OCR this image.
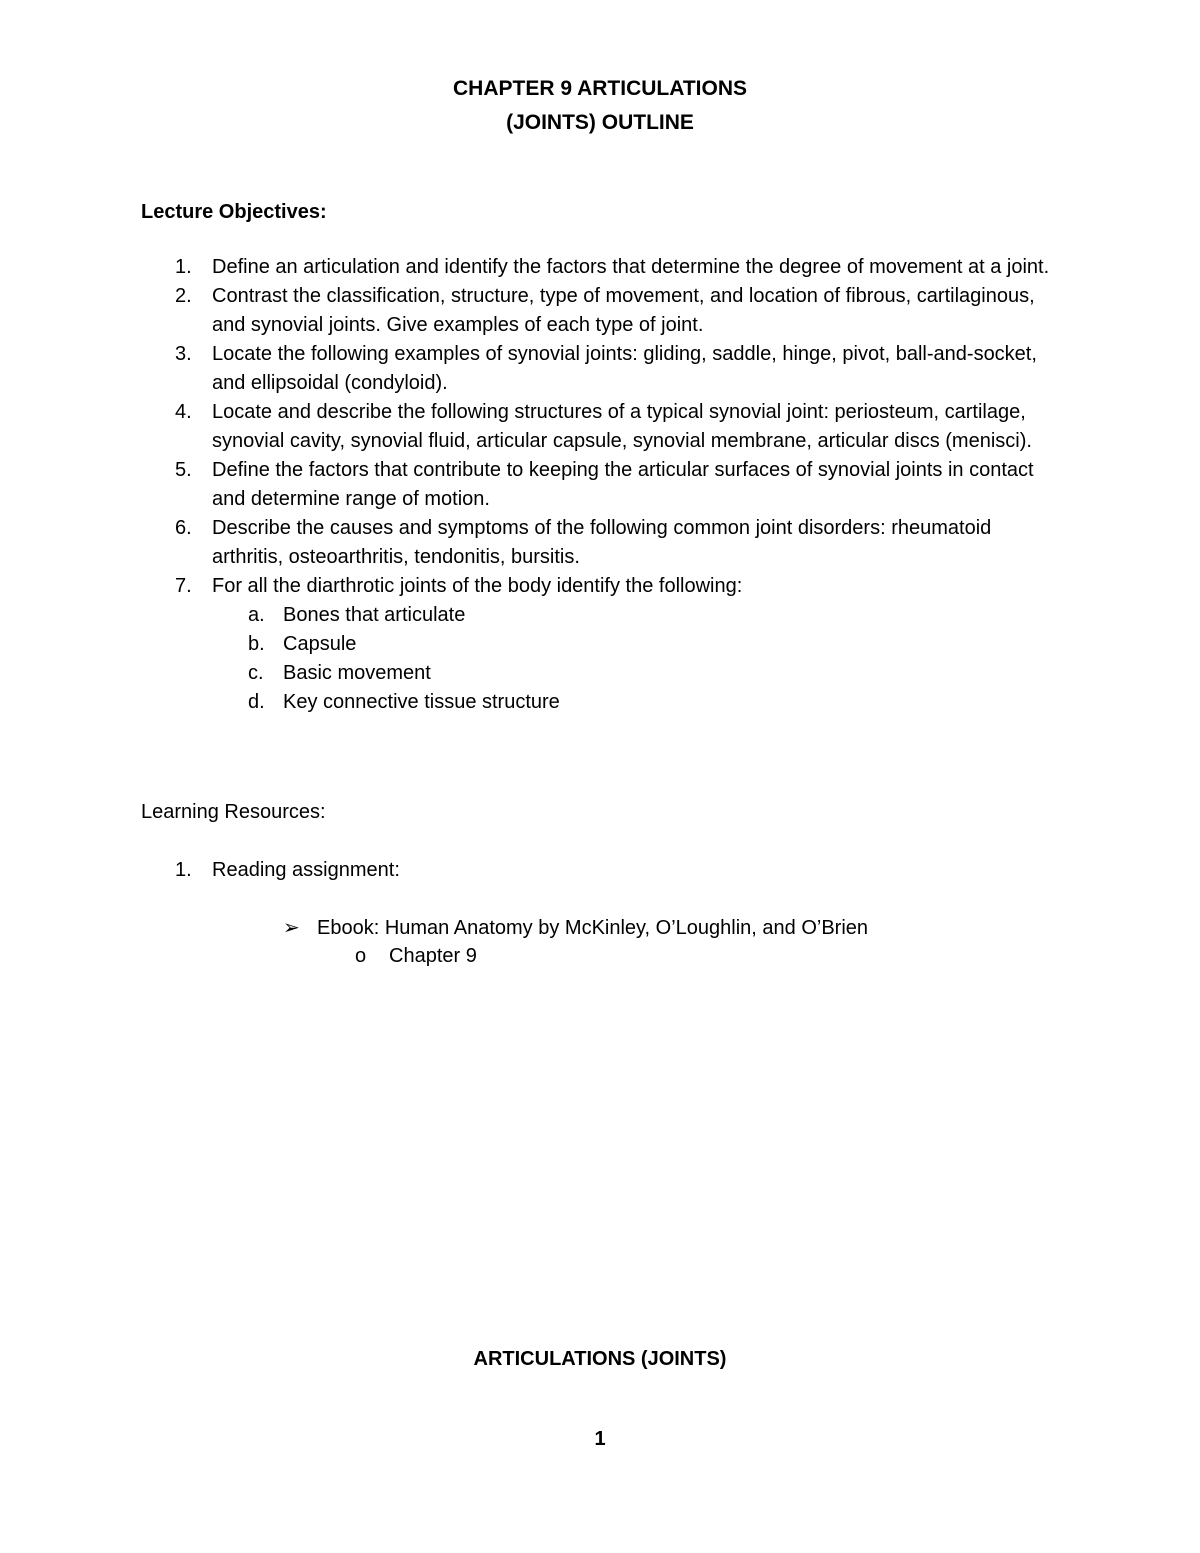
CHAPTER 9 ARTICULATIONS
(JOINTS) OUTLINE
Lecture Objectives:
1. Define an articulation and identify the factors that determine the degree of movement at a joint.
2. Contrast the classification, structure, type of movement, and location of fibrous, cartilaginous, and synovial joints. Give examples of each type of joint.
3. Locate the following examples of synovial joints: gliding, saddle, hinge, pivot, ball-and-socket, and ellipsoidal (condyloid).
4. Locate and describe the following structures of a typical synovial joint: periosteum, cartilage, synovial cavity, synovial fluid, articular capsule, synovial membrane, articular discs (menisci).
5. Define the factors that contribute to keeping the articular surfaces of synovial joints in contact and determine range of motion.
6. Describe the causes and symptoms of the following common joint disorders: rheumatoid arthritis, osteoarthritis, tendonitis, bursitis.
7. For all the diarthrotic joints of the body identify the following:
a. Bones that articulate
b. Capsule
c. Basic movement
d. Key connective tissue structure
Learning Resources:
1. Reading assignment:
➢ Ebook: Human Anatomy by McKinley, O’Loughlin, and O’Brien
o Chapter 9
ARTICULATIONS (JOINTS)
1
